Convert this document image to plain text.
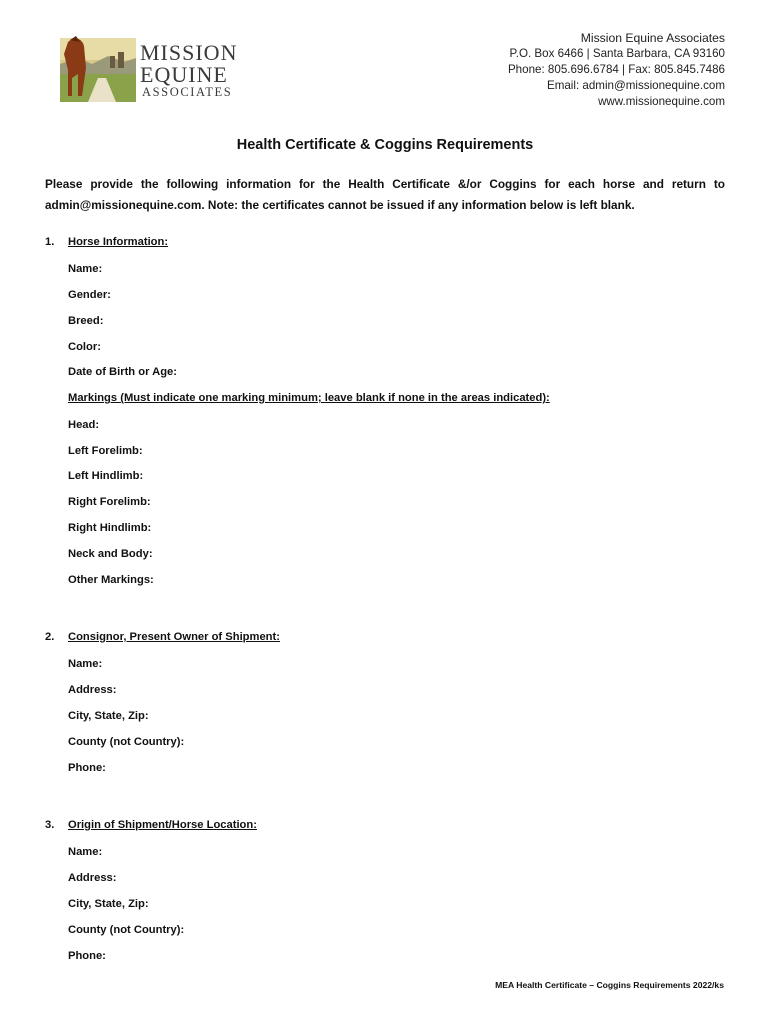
MISSION
EQUINE
ASSOCIATES
Mission Equine Associates
P.O. Box 6466 | Santa Barbara, CA 93160
Phone: 805.696.6784 | Fax: 805.845.7486
Email: admin@missionequine.com
www.missionequine.com
Health Certificate & Coggins Requirements
Please provide the following information for the Health Certificate &/or Coggins for each horse and return to admin@missionequine.com. Note: the certificates cannot be issued if any information below is left blank.
1. Horse Information:
Name:
Gender:
Breed:
Color:
Date of Birth or Age:
Markings (Must indicate one marking minimum; leave blank if none in the areas indicated):
Head:
Left Forelimb:
Left Hindlimb:
Right Forelimb:
Right Hindlimb:
Neck and Body:
Other Markings:
2. Consignor, Present Owner of Shipment:
Name:
Address:
City, State, Zip:
County (not Country):
Phone:
3. Origin of Shipment/Horse Location:
Name:
Address:
City, State, Zip:
County (not Country):
Phone:
MEA Health Certificate – Coggins Requirements 2022/ks
